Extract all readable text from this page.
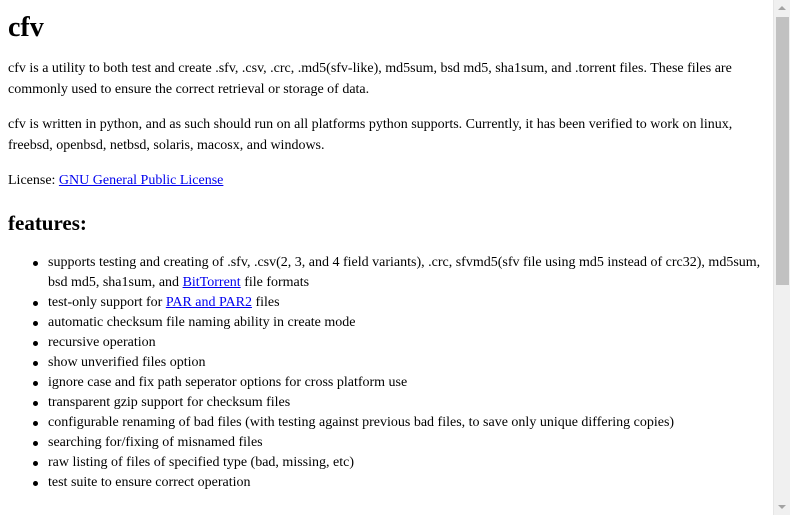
cfv

cfv is a utility to both test and create .sfv, .csv, .crc, .md5(sfv-like), md5sum, bsd md5, sha1sum, and .torrent files. These files are commonly used to ensure the correct retrieval or storage of data.

cfv is written in python, and as such should run on all platforms python supports. Currently, it has been verified to work on linux, freebsd, openbsd, netbsd, solaris, macosx, and windows.

License: GNU General Public License

features:
supports testing and creating of .sfv, .csv(2, 3, and 4 field variants), .crc, sfvmd5(sfv file using md5 instead of crc32), md5sum, bsd md5, sha1sum, and BitTorrent file formats
test-only support for PAR and PAR2 files
automatic checksum file naming ability in create mode
recursive operation
show unverified files option
ignore case and fix path seperator options for cross platform use
transparent gzip support for checksum files
configurable renaming of bad files (with testing against previous bad files, to save only unique differing copies)
searching for/fixing of misnamed files
raw listing of files of specified type (bad, missing, etc)
test suite to ensure correct operation
